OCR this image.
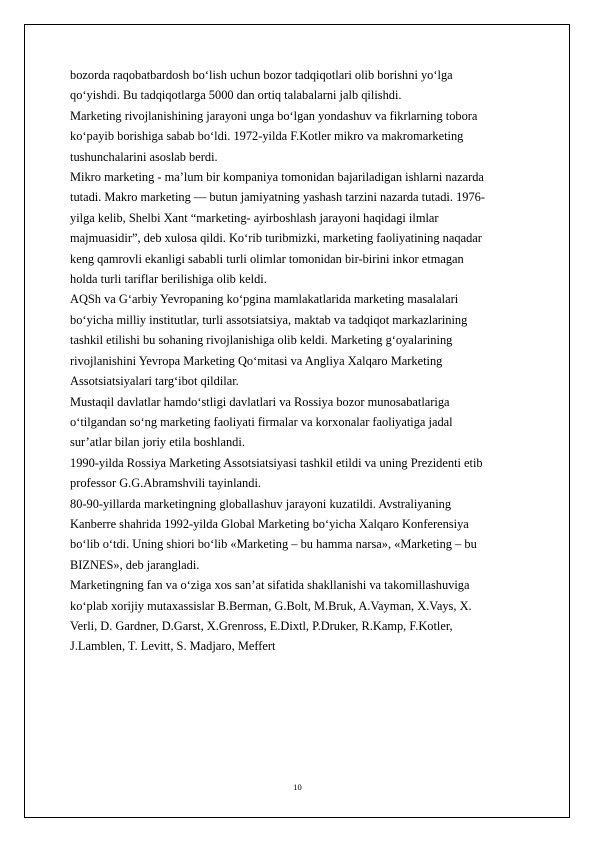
bozorda raqobatbardosh bo‘lish uchun bozor tadqiqotlari olib borishni yo‘lga
qo‘yishdi. Bu tadqiqotlarga 5000 dan ortiq talabalarni jalb qilishdi.

Marketing rivojlanishining jarayoni unga bo‘lgan yondashuv va fikrlarning tobora
ko‘payib borishiga sabab bo‘ldi. 1972-yilda F.Kotler mikro va makromarketing
tushunchalarini asoslab berdi.

Mikro marketing - ma’lum bir kompaniya tomonidan bajariladigan ishlarni nazarda
tutadi. Makro marketing — butun jamiyatning yashash tarzini nazarda tutadi. 1976-
yilga kelib, Shelbi Xant “marketing- ayirboshlash jarayoni haqidagi ilmlar
majmuasidir”, deb xulosa qildi. Ko‘rib turibmizki, marketing faoliyatining naqadar
keng qamrovli ekanligi sababli turli olimlar tomonidan bir-birini inkor etmagan
holda turli tariflar berilishiga olib keldi.

AQSh va G‘arbiy Yevropaning ko‘pgina mamlakatlarida marketing masalalari
bo‘yicha milliy institutlar, turli assotsiatsiya, maktab va tadqiqot markazlarining
tashkil etilishi bu sohaning rivojlanishiga olib keldi. Marketing g‘oyalarining
rivojlanishini Yevropa Marketing Qo‘mitasi va Angliya Xalqaro Marketing
Assotsiatsiyalari targ‘ibot qildilar.

Mustaqil davlatlar hamdo‘stligi davlatlari va Rossiya bozor munosabatlariga
o‘tilgandan so‘ng marketing faoliyati firmalar va korxonalar faoliyatiga jadal
sur’atlar bilan joriy etila boshlandi.

1990-yilda Rossiya Marketing Assotsiatsiyasi tashkil etildi va uning Prezidenti etib
professor G.G.Abramshvili tayinlandi.

80-90-yillarda marketingning globallashuv jarayoni kuzatildi. Avstraliyaning
Kanberre shahrida 1992-yilda Global Marketing bo‘yicha Xalqaro Konferensiya
bo‘lib o‘tdi. Uning shiori bo‘lib «Marketing – bu hamma narsa», «Marketing – bu
BIZNES», deb jarangladi.

Marketingning fan va o‘ziga xos san’at sifatida shakllanishi va takomillashuviga
ko‘plab xorijiy mutaxassislar B.Berman, G.Bolt, M.Bruk, A.Vayman, X.Vays, X.
Verli, D. Gardner, D.Garst, X.Grenross, E.Dixtl, P.Druker, R.Kamp, F.Kotler,
J.Lamblen, T. Levitt, S. Madjaro, Meffert

10
